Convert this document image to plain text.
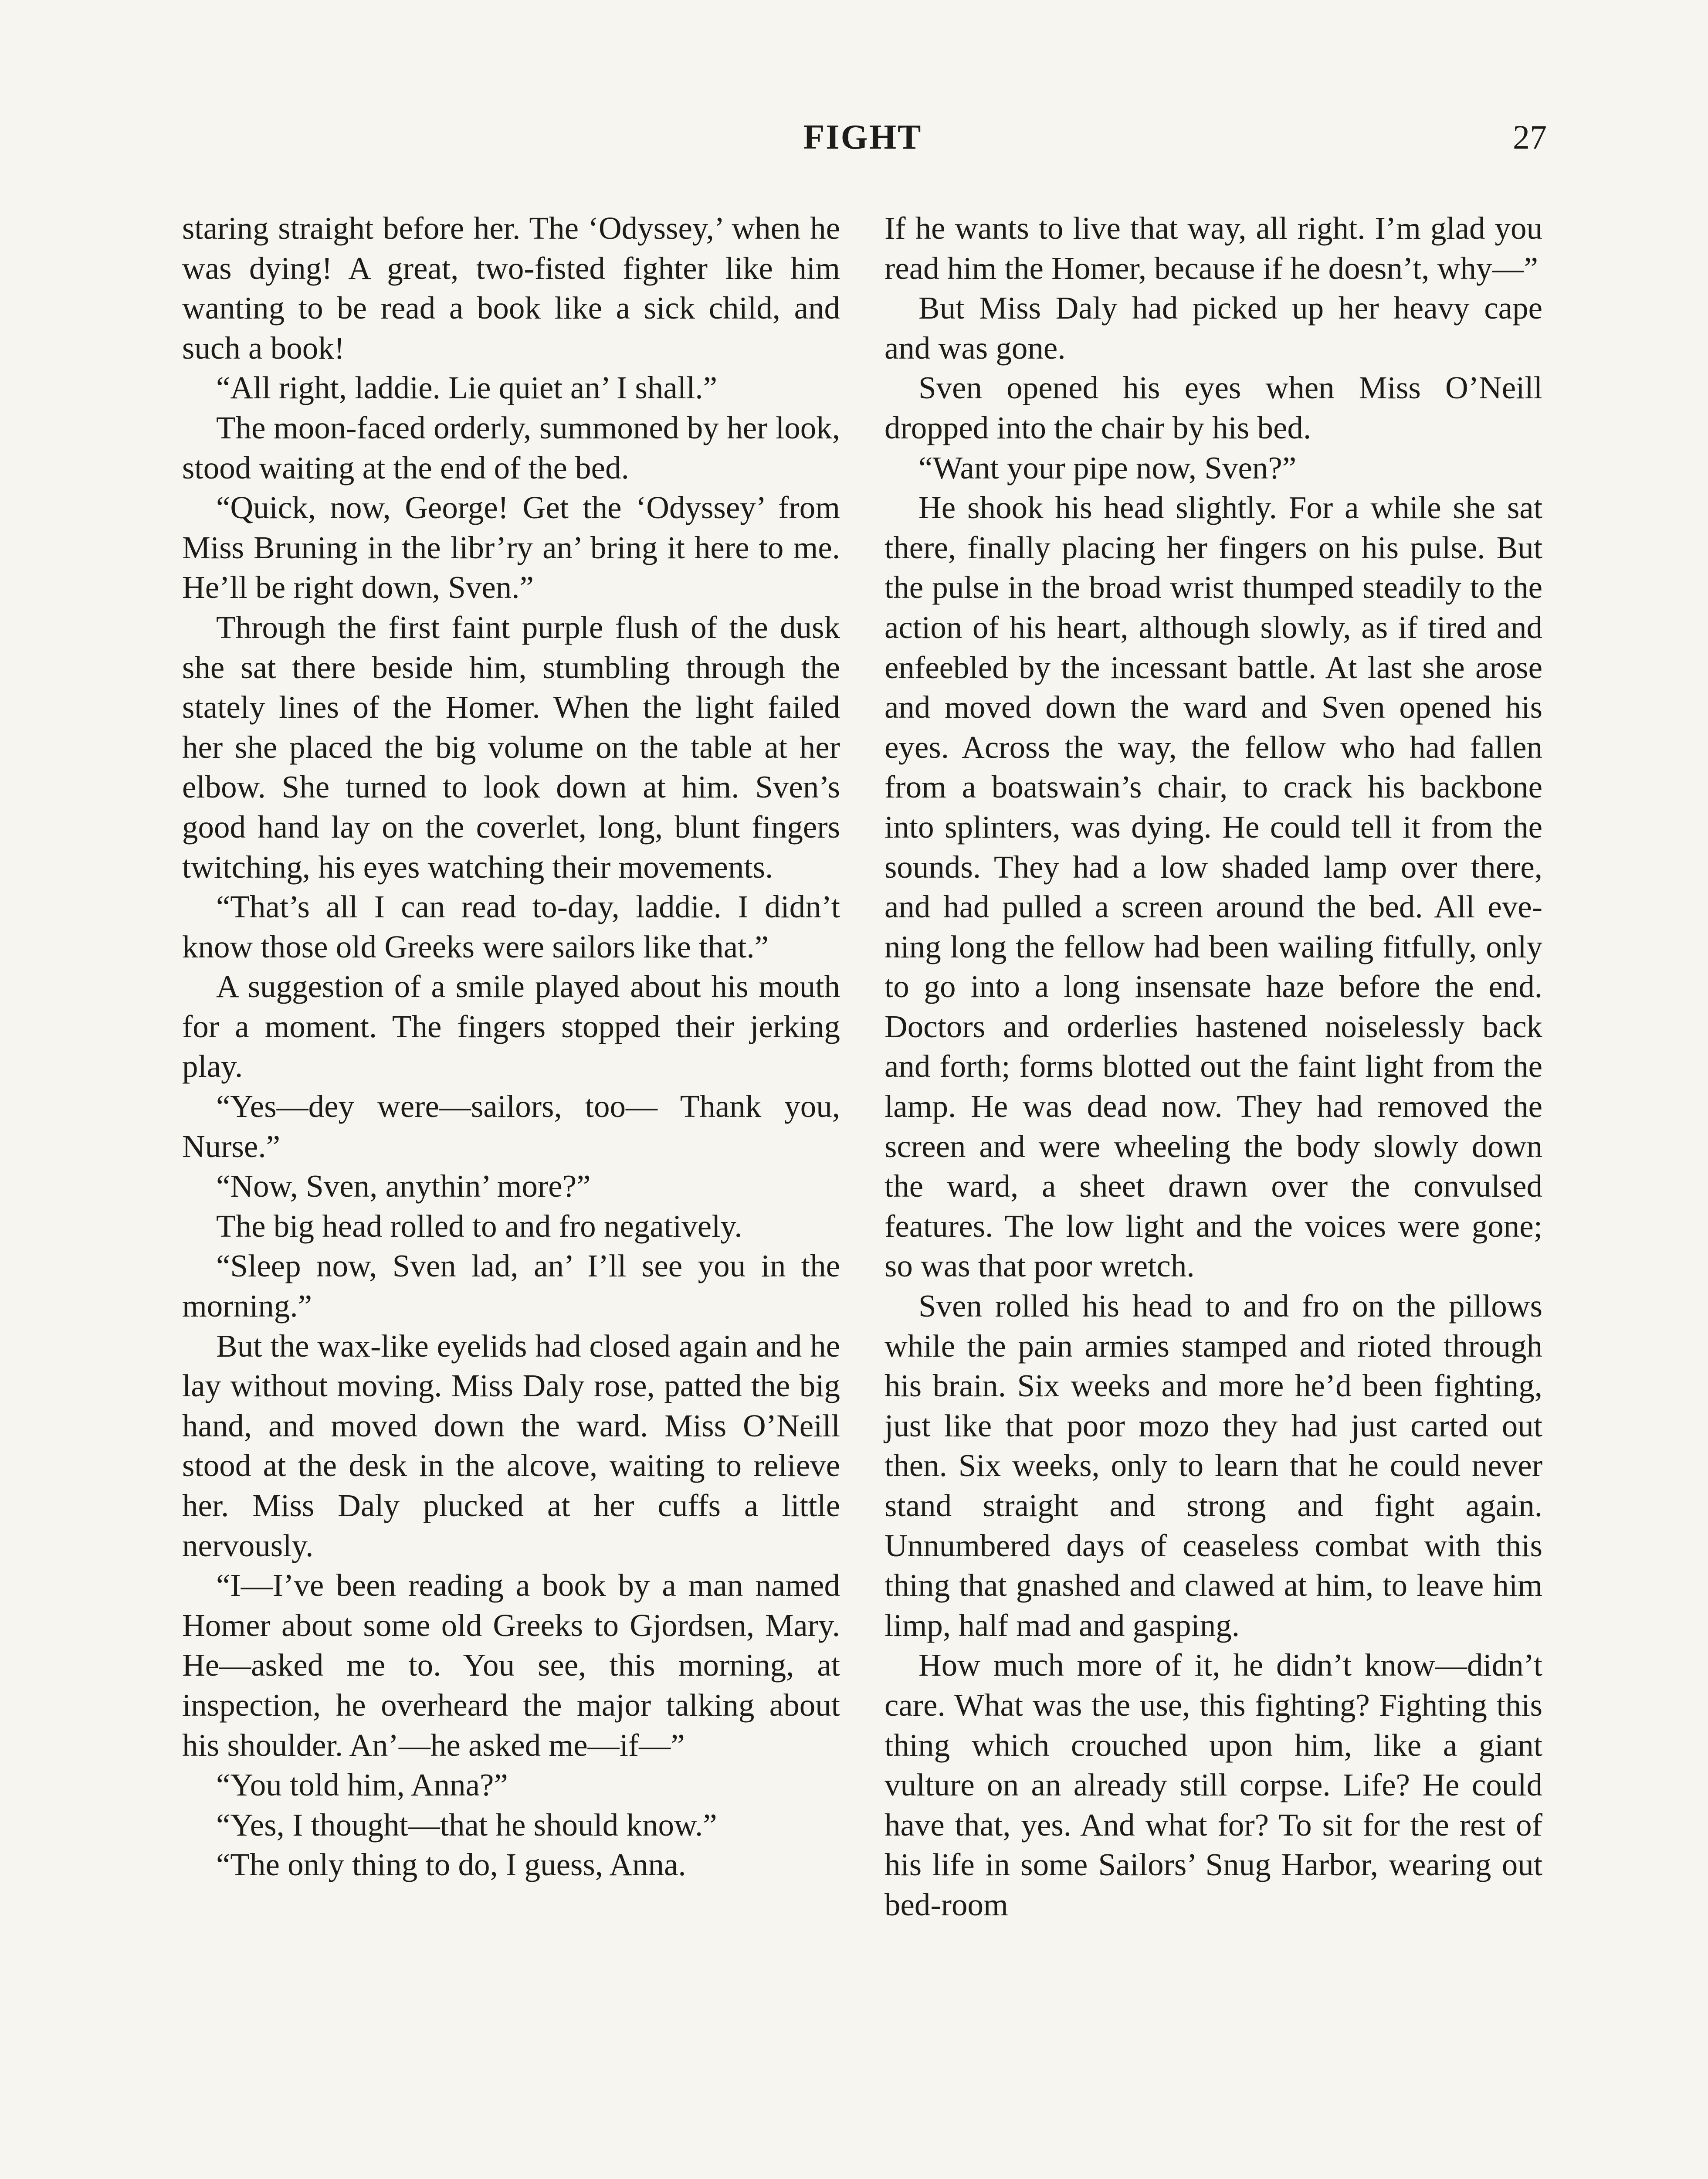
FIGHT	27

staring straight before her. The ‘Odyssey,’ when he was dying! A great, two-fisted fighter like him wanting to be read a book like a sick child, and such a book!

“All right, laddie. Lie quiet an’ I shall.”

The moon-faced orderly, summoned by her look, stood waiting at the end of the bed.

“Quick, now, George! Get the ‘Odyssey’ from Miss Bruning in the libr’ry an’ bring it here to me. He’ll be right down, Sven.”

Through the first faint purple flush of the dusk she sat there beside him, stumbling through the stately lines of the Homer. When the light failed her she placed the big volume on the table at her elbow. She turned to look down at him. Sven’s good hand lay on the coverlet, long, blunt fingers twitching, his eyes watching their movements.

“That’s all I can read to-day, laddie. I didn’t know those old Greeks were sailors like that.”

A suggestion of a smile played about his mouth for a moment. The fingers stopped their jerking play.

“Yes—dey were—sailors, too— Thank you, Nurse.”

“Now, Sven, anythin’ more?”

The big head rolled to and fro negatively.

“Sleep now, Sven lad, an’ I’ll see you in the morning.”

But the wax-like eyelids had closed again and he lay without moving. Miss Daly rose, patted the big hand, and moved down the ward. Miss O’Neill stood at the desk in the alcove, waiting to relieve her. Miss Daly plucked at her cuffs a little nervously.

“I—I’ve been reading a book by a man named Homer about some old Greeks to Gjordsen, Mary. He—asked me to. You see, this morning, at inspection, he overheard the major talking about his shoulder. An’—he asked me—if—”

“You told him, Anna?”

“Yes, I thought—that he should know.”

“The only thing to do, I guess, Anna.

If he wants to live that way, all right. I’m glad you read him the Homer, because if he doesn’t, why—”

But Miss Daly had picked up her heavy cape and was gone.

Sven opened his eyes when Miss O’Neill dropped into the chair by his bed.

“Want your pipe now, Sven?”

He shook his head slightly. For a while she sat there, finally placing her fingers on his pulse. But the pulse in the broad wrist thumped steadily to the action of his heart, although slowly, as if tired and enfeebled by the incessant battle. At last she arose and moved down the ward and Sven opened his eyes. Across the way, the fellow who had fallen from a boatswain’s chair, to crack his backbone into splinters, was dying. He could tell it from the sounds. They had a low shaded lamp over there, and had pulled a screen around the bed. All evening long the fellow had been wailing fitfully, only to go into a long insensate haze before the end. Doctors and orderlies hastened noiselessly back and forth; forms blotted out the faint light from the lamp. He was dead now. They had removed the screen and were wheeling the body slowly down the ward, a sheet drawn over the convulsed features. The low light and the voices were gone; so was that poor wretch.

Sven rolled his head to and fro on the pillows while the pain armies stamped and rioted through his brain. Six weeks and more he’d been fighting, just like that poor mozo they had just carted out then. Six weeks, only to learn that he could never stand straight and strong and fight again. Unnumbered days of ceaseless combat with this thing that gnashed and clawed at him, to leave him limp, half mad and gasping.

How much more of it, he didn’t know—didn’t care. What was the use, this fighting? Fighting this thing which crouched upon him, like a giant vulture on an already still corpse. Life? He could have that, yes. And what for? To sit for the rest of his life in some Sailors’ Snug Harbor, wearing out bed-room
